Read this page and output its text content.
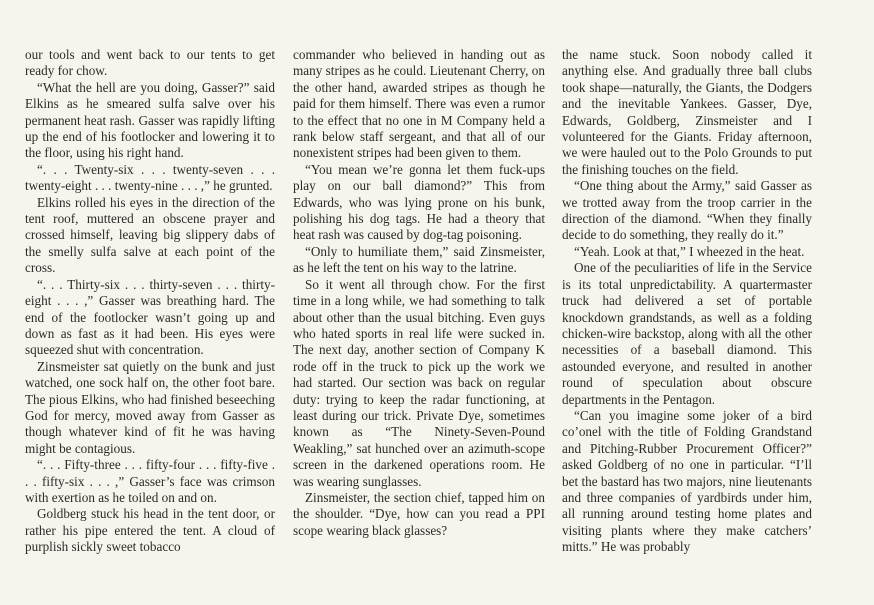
our tools and went back to our tents to get ready for chow.

“What the hell are you doing, Gasser?” said Elkins as he smeared sulfa salve over his permanent heat rash. Gasser was rapidly lifting up the end of his footlocker and lowering it to the floor, using his right hand.

“. . . Twenty-six . . . twenty-seven . . . twenty-eight . . . twenty-nine . . . ,” he grunted.

Elkins rolled his eyes in the direction of the tent roof, muttered an obscene prayer and crossed himself, leaving big slippery dabs of the smelly sulfa salve at each point of the cross.

“. . . Thirty-six . . . thirty-seven . . . thirty-eight . . . ,” Gasser was breathing hard. The end of the footlocker wasn’t going up and down as fast as it had been. His eyes were squeezed shut with concentration.

Zinsmeister sat quietly on the bunk and just watched, one sock half on, the other foot bare. The pious Elkins, who had finished beseeching God for mercy, moved away from Gasser as though whatever kind of fit he was having might be contagious.

“. . . Fifty-three . . . fifty-four . . . fifty-five . . . fifty-six . . . ,” Gasser’s face was crimson with exertion as he toiled on and on.

Goldberg stuck his head in the tent door, or rather his pipe entered the tent. A cloud of purplish sickly sweet tobacco

commander who believed in handing out as many stripes as he could. Lieutenant Cherry, on the other hand, awarded stripes as though he paid for them himself. There was even a rumor to the effect that no one in M Company held a rank below staff sergeant, and that all of our nonexistent stripes had been given to them.

“You mean we’re gonna let them fuck-ups play on our ball diamond?” This from Edwards, who was lying prone on his bunk, polishing his dog tags. He had a theory that heat rash was caused by dog-tag poisoning.

“Only to humiliate them,” said Zinsmeister, as he left the tent on his way to the latrine.

So it went all through chow. For the first time in a long while, we had something to talk about other than the usual bitching. Even guys who hated sports in real life were sucked in. The next day, another section of Company K rode off in the truck to pick up the work we had started. Our section was back on regular duty: trying to keep the radar functioning, at least during our trick. Private Dye, sometimes known as “The Ninety-Seven-Pound Weakling,” sat hunched over an azimuth-scope screen in the darkened operations room. He was wearing sunglasses.

Zinsmeister, the section chief, tapped him on the shoulder. “Dye, how can you read a PPI scope wearing black glasses?

the name stuck. Soon nobody called it anything else. And gradually three ball clubs took shape—naturally, the Giants, the Dodgers and the inevitable Yankees. Gasser, Dye, Edwards, Goldberg, Zinsmeister and I volunteered for the Giants. Friday afternoon, we were hauled out to the Polo Grounds to put the finishing touches on the field.

“One thing about the Army,” said Gasser as we trotted away from the troop carrier in the direction of the diamond. “When they finally decide to do something, they really do it.”

“Yeah. Look at that,” I wheezed in the heat.

One of the peculiarities of life in the Service is its total unpredictability. A quartermaster truck had delivered a set of portable knockdown grandstands, as well as a folding chicken-wire backstop, along with all the other necessities of a baseball diamond. This astounded everyone, and resulted in another round of speculation about obscure departments in the Pentagon.

“Can you imagine some joker of a bird co’onel with the title of Folding Grandstand and Pitching-Rubber Procurement Officer?” asked Goldberg of no one in particular. “I’ll bet the bastard has two majors, nine lieutenants and three companies of yardbirds under him, all running around testing home plates and visiting plants where they make catchers’ mitts.” He was probably
